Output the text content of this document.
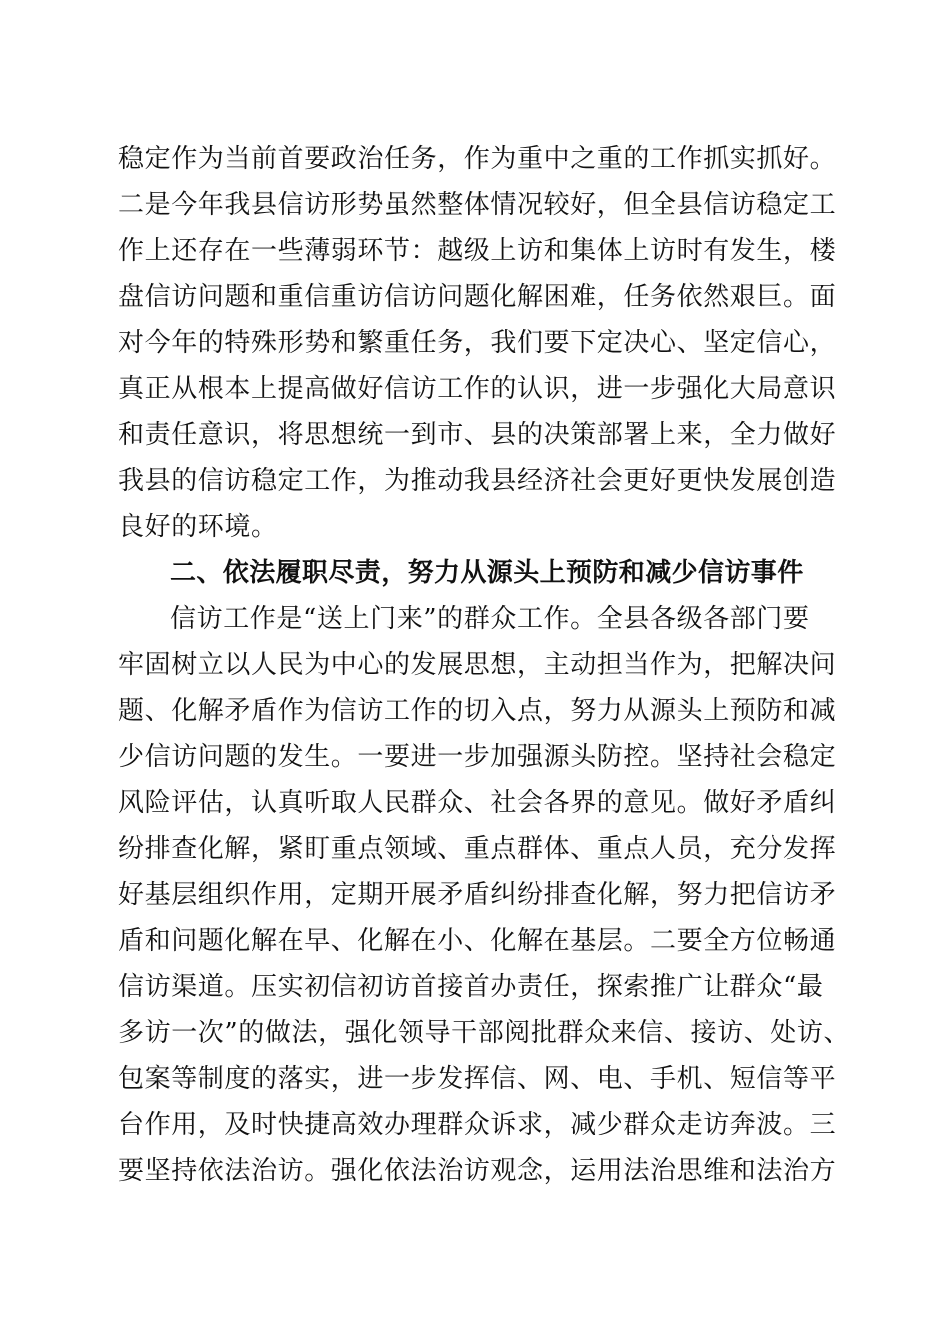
稳定作为当前首要政治任务，作为重中之重的工作抓实抓好。
二是今年我县信访形势虽然整体情况较好，但全县信访稳定工
作上还存在一些薄弱环节：越级上访和集体上访时有发生，楼
盘信访问题和重信重访信访问题化解困难，任务依然艰巨。面
对今年的特殊形势和繁重任务，我们要下定决心、坚定信心，
真正从根本上提高做好信访工作的认识，进一步强化大局意识
和责任意识，将思想统一到市、县的决策部署上来，全力做好
我县的信访稳定工作，为推动我县经济社会更好更快发展创造
良好的环境。
二、依法履职尽责，努力从源头上预防和减少信访事件
信访工作是“送上门来”的群众工作。全县各级各部门要
牢固树立以人民为中心的发展思想，主动担当作为，把解决问
题、化解矛盾作为信访工作的切入点，努力从源头上预防和减
少信访问题的发生。一要进一步加强源头防控。坚持社会稳定
风险评估，认真听取人民群众、社会各界的意见。做好矛盾纠
纷排查化解，紧盯重点领域、重点群体、重点人员，充分发挥
好基层组织作用，定期开展矛盾纠纷排查化解，努力把信访矛
盾和问题化解在早、化解在小、化解在基层。二要全方位畅通
信访渠道。压实初信初访首接首办责任，探索推广让群众“最
多访一次”的做法，强化领导干部阅批群众来信、接访、处访、
包案等制度的落实，进一步发挥信、网、电、手机、短信等平
台作用，及时快捷高效办理群众诉求，减少群众走访奔波。三
要坚持依法治访。强化依法治访观念，运用法治思维和法治方
